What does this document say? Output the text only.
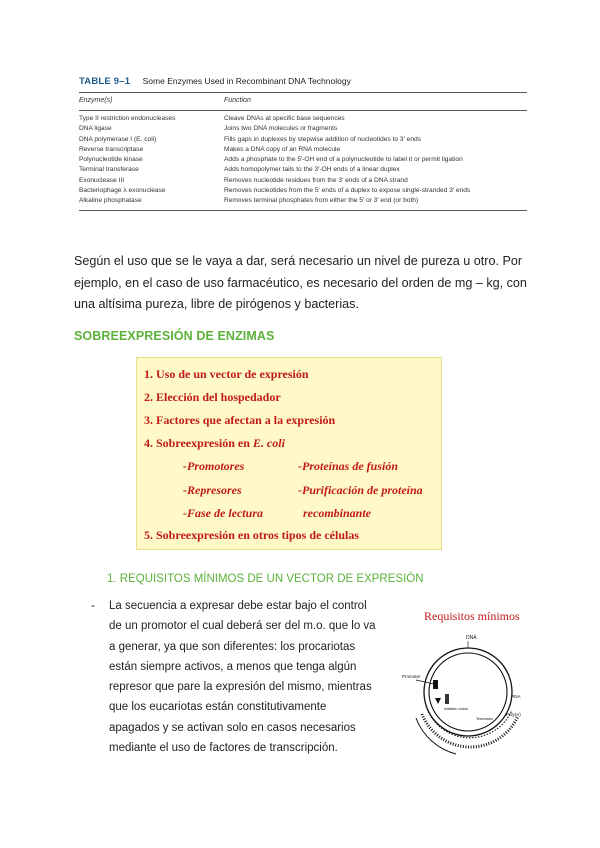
TABLE 9–1 Some Enzymes Used in Recombinant DNA Technology
Enzyme(s)	Function
Type II restriction endonucleases	Cleave DNAs at specific base sequences
DNA ligase	Joins two DNA molecules or fragments
DNA polymerase I (E. coli)	Fills gaps in duplexes by stepwise addition of nucleotides to 3′ ends
Reverse transcriptase	Makes a DNA copy of an RNA molecule
Polynucleotide kinase	Adds a phosphate to the 5′-OH end of a polynucleotide to label it or permit ligation
Terminal transferase	Adds homopolymer tails to the 3′-OH ends of a linear duplex
Exonuclease III	Removes nucleotide residues from the 3′ ends of a DNA strand
Bacteriophage λ exonuclease	Removes nucleotides from the 5′ ends of a duplex to expose single-stranded 3′ ends
Alkaline phosphatase	Removes terminal phosphates from either the 5′ or 3′ end (or both)
Según el uso que se le vaya a dar, será necesario un nivel de pureza u otro. Por
ejemplo, en el caso de uso farmacéutico, es necesario del orden de mg – kg, con
una altísima pureza, libre de pirógenos y bacterias.
SOBREEXPRESIÓN DE ENZIMAS
1. Uso de un vector de expresión
2. Elección del hospedador
3. Factores que afectan a la expresión
4. Sobreexpresión en E. coli
-Promotores
-Represores
-Fase de lectura
-Proteínas de fusión
-Purificación de proteína
recombinante
5. Sobreexpresión en otros tipos de células
1. REQUISITOS MÍNIMOS DE UN VECTOR DE EXPRESIÓN
- La secuencia a expresar debe estar bajo el control
de un promotor el cual deberá ser del m.o. que lo va
a generar, ya que son diferentes: los procariotas
están siempre activos, a menos que tenga algún
represor que pare la expresión del mismo, mientras
que los eucariotas están constitutivamente
apagados y se activan solo en casos necesarios
mediante el uso de factores de transcripción.
Requisitos mínimos
DNA
Promoter
RNA
Poly(A)
Initiation codon
Terminator
